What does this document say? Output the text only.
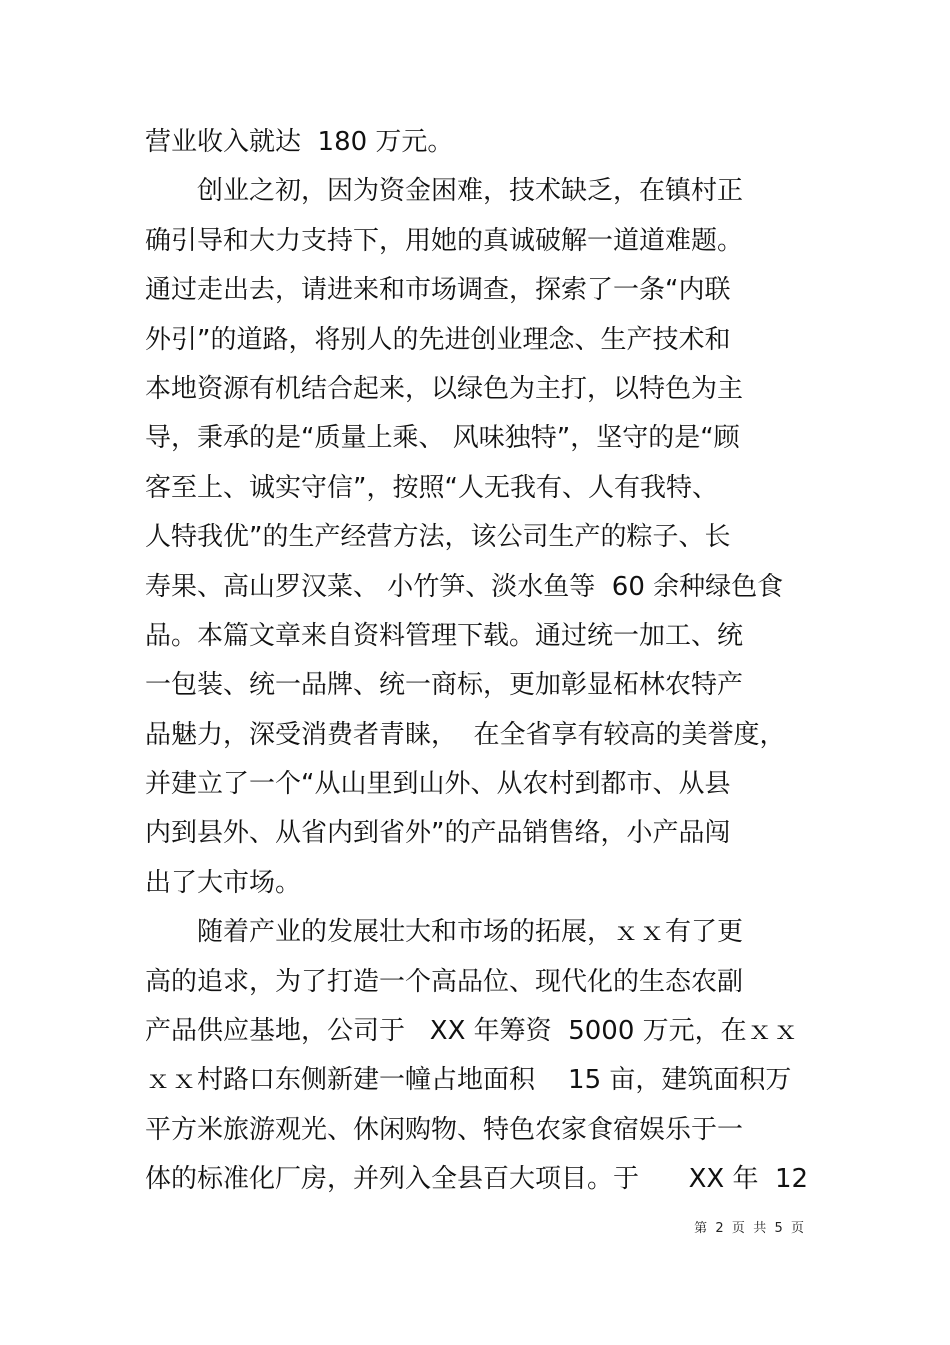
营业收入就达  180 万元。
创业之初，因为资金困难，技术缺乏，在镇村正
确引导和大力支持下，用她的真诚破解一道道难题。
通过走出去，请进来和市场调查，探索了一条“内联
外引”的道路，将别人的先进创业理念、生产技术和
本地资源有机结合起来，以绿色为主打，以特色为主
导，秉承的是“质量上乘、 风味独特”，坚守的是“顾
客至上、诚实守信”，按照“人无我有、人有我特、
人特我优”的生产经营方法，该公司生产的粽子、长
寿果、高山罗汉菜、 小竹笋、淡水鱼等  60 余种绿色食
品。本篇文章来自资料管理下载。通过统一加工、统
一包装、统一品牌、统一商标，更加彰显柘林农特产
品魅力，深受消费者青睐，  在全省享有较高的美誉度，
并建立了一个“从山里到山外、从农村到都市、从县
内到县外、从省内到省外”的产品销售络，小产品闯
出了大市场。
随着产业的发展壮大和市场的拓展，ｘｘ有了更
高的追求，为了打造一个高品位、现代化的生态农副
产品供应基地，公司于   XX 年筹资  5000 万元，在ｘｘ
ｘｘ村路口东侧新建一幢占地面积    15 亩，建筑面积万
平方米旅游观光、休闲购物、特色农家食宿娱乐于一
体的标准化厂房，并列入全县百大项目。于      XX 年  12
第  2  页  共  5  页
